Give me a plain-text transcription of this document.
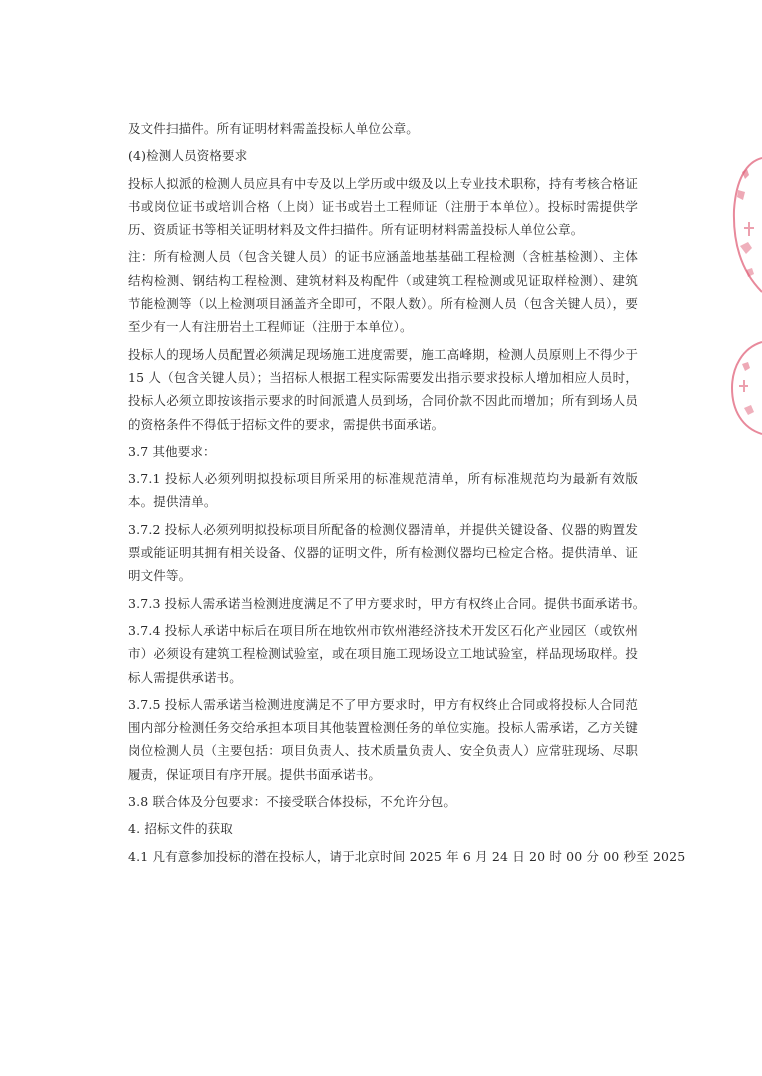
及文件扫描件。所有证明材料需盖投标人单位公章。
(4)检测人员资格要求
投标人拟派的检测人员应具有中专及以上学历或中级及以上专业技术职称，持有考核合格证
书或岗位证书或培训合格（上岗）证书或岩土工程师证（注册于本单位）。投标时需提供学
历、资质证书等相关证明材料及文件扫描件。所有证明材料需盖投标人单位公章。
注：所有检测人员（包含关键人员）的证书应涵盖地基基础工程检测（含桩基检测）、主体
结构检测、钢结构工程检测、建筑材料及构配件（或建筑工程检测或见证取样检测）、建筑
节能检测等（以上检测项目涵盖齐全即可，不限人数）。所有检测人员（包含关键人员），要
至少有一人有注册岩土工程师证（注册于本单位）。
投标人的现场人员配置必须满足现场施工进度需要，施工高峰期，检测人员原则上不得少于
15 人（包含关键人员）；当招标人根据工程实际需要发出指示要求投标人增加相应人员时，
投标人必须立即按该指示要求的时间派遣人员到场，合同价款不因此而增加；所有到场人员
的资格条件不得低于招标文件的要求，需提供书面承诺。
3.7 其他要求：
3.7.1 投标人必须列明拟投标项目所采用的标准规范清单，所有标准规范均为最新有效版
本。提供清单。
3.7.2 投标人必须列明拟投标项目所配备的检测仪器清单，并提供关键设备、仪器的购置发
票或能证明其拥有相关设备、仪器的证明文件，所有检测仪器均已检定合格。提供清单、证
明文件等。
3.7.3 投标人需承诺当检测进度满足不了甲方要求时，甲方有权终止合同。提供书面承诺书。
3.7.4 投标人承诺中标后在项目所在地钦州市钦州港经济技术开发区石化产业园区（或钦州
市）必须设有建筑工程检测试验室，或在项目施工现场设立工地试验室，样品现场取样。投
标人需提供承诺书。
3.7.5 投标人需承诺当检测进度满足不了甲方要求时，甲方有权终止合同或将投标人合同范
围内部分检测任务交给承担本项目其他装置检测任务的单位实施。投标人需承诺，乙方关键
岗位检测人员（主要包括：项目负责人、技术质量负责人、安全负责人）应常驻现场、尽职
履责，保证项目有序开展。提供书面承诺书。
3.8 联合体及分包要求：不接受联合体投标，不允许分包。
4. 招标文件的获取
4.1 凡有意参加投标的潜在投标人，请于北京时间 2025 年 6 月 24 日 20 时 00 分 00 秒至 2025
